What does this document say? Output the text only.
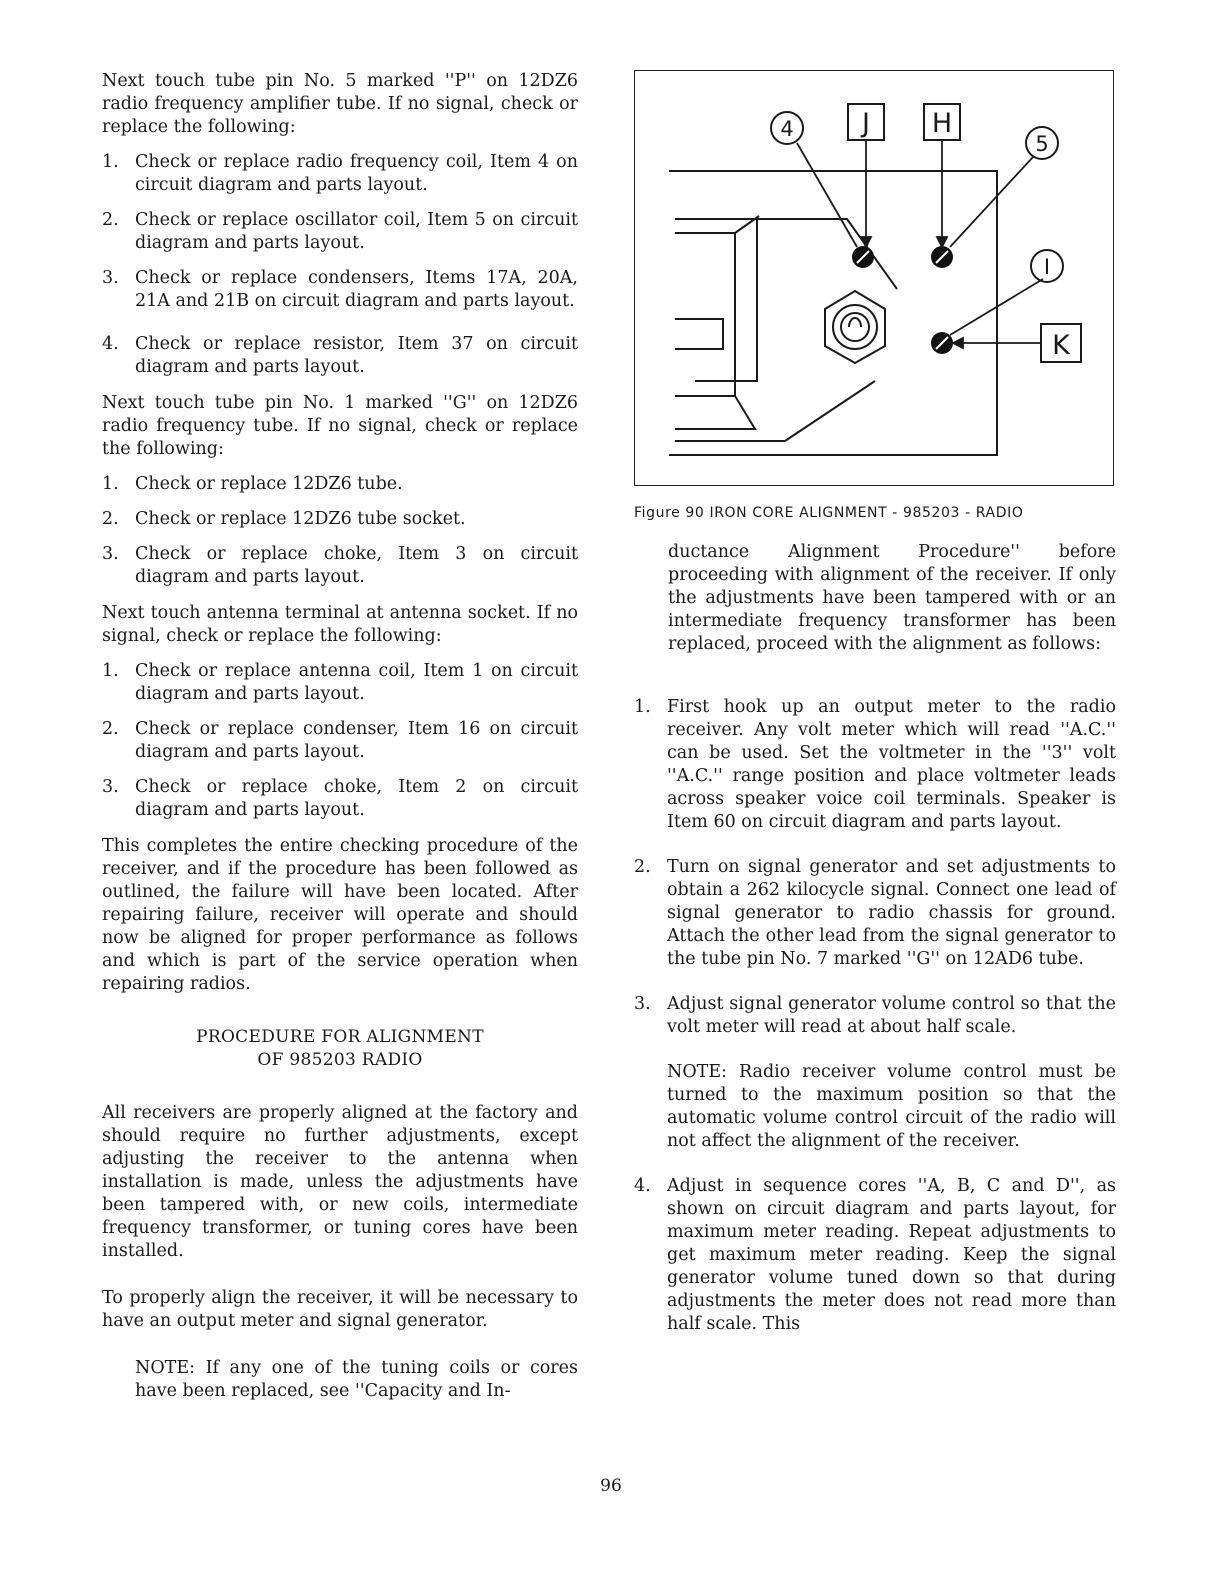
Next touch tube pin No. 5 marked ''P'' on 12DZ6 radio frequency amplifier tube. If no signal, check or replace the following:

1. Check or replace radio frequency coil, Item 4 on circuit diagram and parts layout.
2. Check or replace oscillator coil, Item 5 on circuit diagram and parts layout.
3. Check or replace condensers, Items 17A, 20A, 21A and 21B on circuit diagram and parts layout.
4. Check or replace resistor, Item 37 on circuit diagram and parts layout.

Next touch tube pin No. 1 marked ''G'' on 12DZ6 radio frequency tube. If no signal, check or replace the following:

1. Check or replace 12DZ6 tube.
2. Check or replace 12DZ6 tube socket.
3. Check or replace choke, Item 3 on circuit diagram and parts layout.

Next touch antenna terminal at antenna socket. If no signal, check or replace the following:

1. Check or replace antenna coil, Item 1 on circuit diagram and parts layout.
2. Check or replace condenser, Item 16 on circuit diagram and parts layout.
3. Check or replace choke, Item 2 on circuit diagram and parts layout.

This completes the entire checking procedure of the receiver, and if the procedure has been followed as outlined, the failure will have been located. After repairing failure, receiver will operate and should now be aligned for proper performance as follows and which is part of the service operation when repairing radios.

PROCEDURE FOR ALIGNMENT
OF 985203 RADIO

All receivers are properly aligned at the factory and should require no further adjustments, except adjusting the receiver to the antenna when installation is made, unless the adjustments have been tampered with, or new coils, intermediate frequency transformer, or tuning cores have been installed.

To properly align the receiver, it will be necessary to have an output meter and signal generator.

NOTE: If any one of the tuning coils or cores have been replaced, see ''Capacity and In-

4	J H
5
I
K
Figure 90 IRON CORE ALIGNMENT - 985203 - RADIO

ductance Alignment Procedure'' before proceeding with alignment of the receiver. If only the adjustments have been tampered with or an intermediate frequency transformer has been replaced, proceed with the alignment as follows:

1. First hook up an output meter to the radio receiver. Any volt meter which will read ''A.C.'' can be used. Set the voltmeter in the ''3'' volt ''A.C.'' range position and place voltmeter leads across speaker voice coil terminals. Speaker is Item 60 on circuit diagram and parts layout.
2. Turn on signal generator and set adjustments to obtain a 262 kilocycle signal. Connect one lead of signal generator to radio chassis for ground. Attach the other lead from the signal generator to the tube pin No. 7 marked ''G'' on 12AD6 tube.
3. Adjust signal generator volume control so that the volt meter will read at about half scale.

NOTE: Radio receiver volume control must be turned to the maximum position so that the automatic volume control circuit of the radio will not affect the alignment of the receiver.

4. Adjust in sequence cores ''A, B, C and D'', as shown on circuit diagram and parts layout, for maximum meter reading. Repeat adjustments to get maximum meter reading. Keep the signal generator volume tuned down so that during adjustments the meter does not read more than half scale. This
96
